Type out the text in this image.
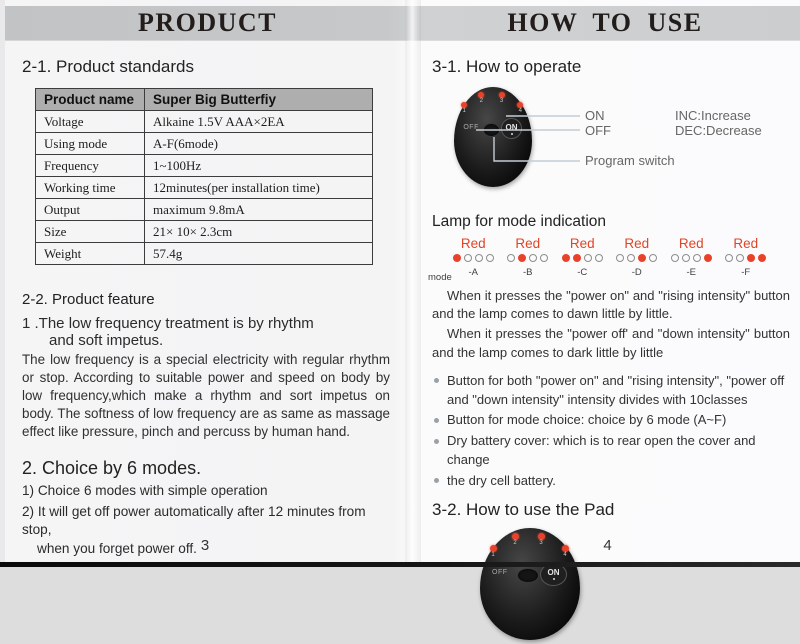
PRODUCT	HOW TO USE
2-1. Product standards
Product name	Super Big Butterfiy
Voltage	Alkaine 1.5V AAA×2EA
Using mode	A-F(6mode)
Frequency	1~100Hz
Working time	12minutes(per installation time)
Output	maximum 9.8mA
Size	21× 10× 2.3cm
Weight	57.4g
2-2. Product feature
1 .The low frequency treatment is by rhythm
and soft impetus.

The low frequency is a special electricity with regular rhythm or stop. According to suitable power and speed on body by low frequency,which make a rhythm and sort impetus on body. The softness of low frequency are as same as massage effect like pressure, pinch and percuss by human hand.

2. Choice by 6 modes.
1) Choice 6 modes with simple operation
2) It will get off power automatically after 12 minutes from stop,
when you forget power off. 3
3-1. How to operate
OFF	ON
1
2	3
4	ON
OFF
INC:Increase
DEC:Decrease
Program switch
Lamp for mode indication
mode
Red
-A
Red
-B
Red
-C
Red
-D
Red
-E
Red
-F

When it presses the "power on" and "rising intensity" button and the lamp comes to dawn little by little.

When it presses the "power off' and "down intensity" button and the lamp comes to dark little by little

Button for both "power on" and "rising intensity", "power off and "down intensity" intensity divides with 10classes
Button for mode choice: choice by 6 mode (A~F)
Dry battery cover: which is to rear open the cover and change
the dry cell battery.
3-2. How to use the Pad
OFF	ON
1
2	3
4
4
